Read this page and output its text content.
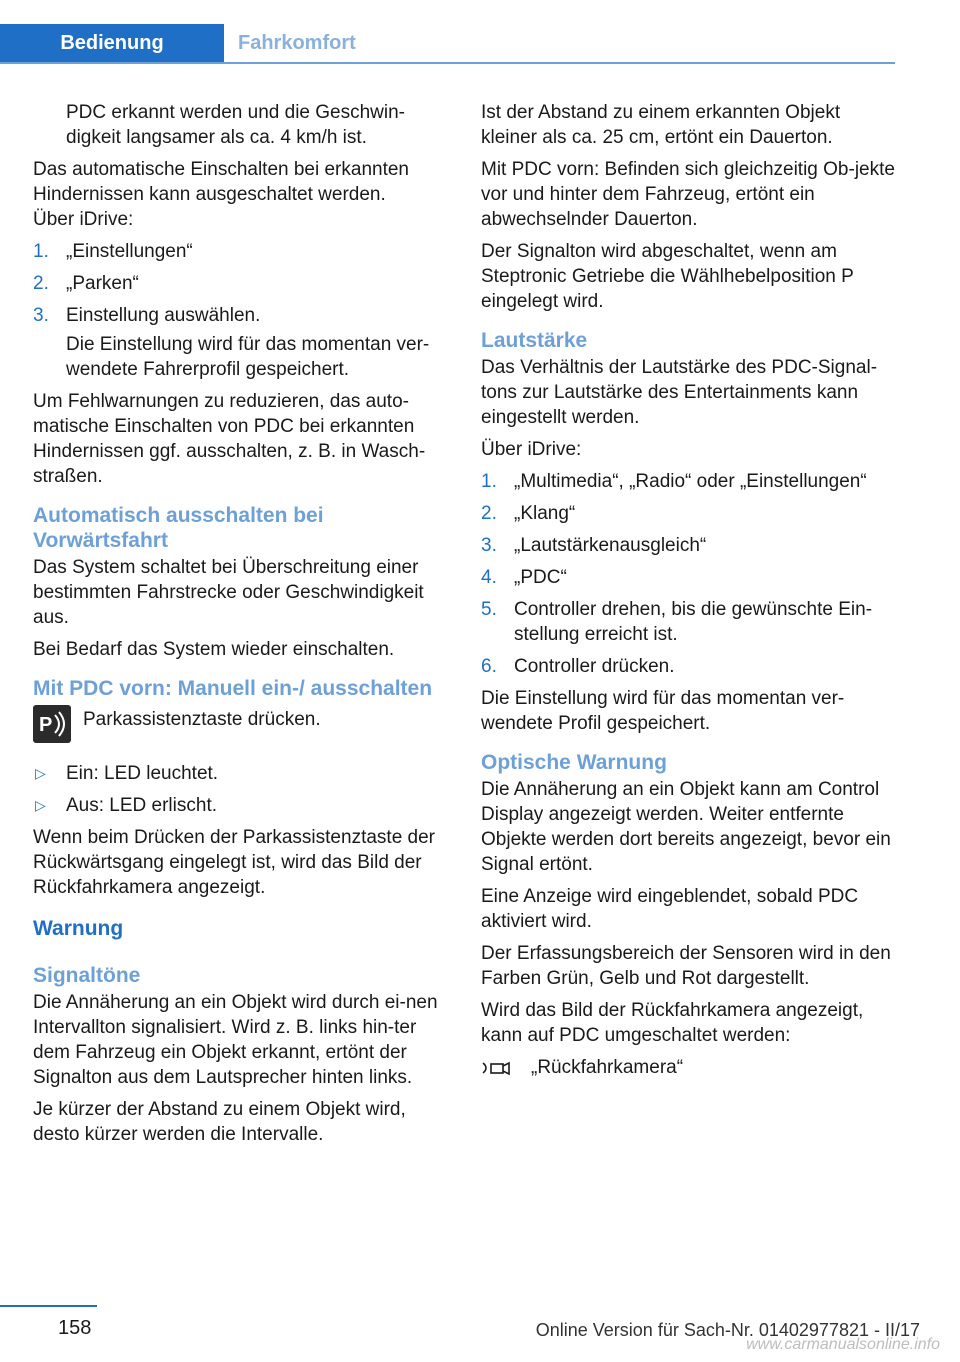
Bedienung	Fahrkomfort

PDC erkannt werden und die Geschwin-digkeit langsamer als ca. 4 km/h ist.

Das automatische Einschalten bei erkannten Hindernissen kann ausgeschaltet werden.
Über iDrive:

1. „Einstellungen“
2. „Parken“
3. Einstellung auswählen.
Die Einstellung wird für das momentan ver-wendete Fahrerprofil gespeichert.

Um Fehlwarnungen zu reduzieren, das auto-matische Einschalten von PDC bei erkannten Hindernissen ggf. ausschalten, z. B. in Wasch-straßen.

Automatisch ausschalten bei Vorwärtsfahrt

Das System schaltet bei Überschreitung einer bestimmten Fahrstrecke oder Geschwindigkeit aus.

Bei Bedarf das System wieder einschalten.

Mit PDC vorn: Manuell ein-/ ausschalten
P Parkassistenztaste drücken.
▷ Ein: LED leuchtet.
▷ Aus: LED erlischt.

Wenn beim Drücken der Parkassistenztaste der Rückwärtsgang eingelegt ist, wird das Bild der Rückfahrkamera angezeigt.

Warnung
Signaltöne

Die Annäherung an ein Objekt wird durch ei-nen Intervallton signalisiert. Wird z. B. links hin-ter dem Fahrzeug ein Objekt erkannt, ertönt der Signalton aus dem Lautsprecher hinten links.

Je kürzer der Abstand zu einem Objekt wird, desto kürzer werden die Intervalle.

Ist der Abstand zu einem erkannten Objekt kleiner als ca. 25 cm, ertönt ein Dauerton.

Mit PDC vorn: Befinden sich gleichzeitig Ob-jekte vor und hinter dem Fahrzeug, ertönt ein abwechselnder Dauerton.

Der Signalton wird abgeschaltet, wenn am Steptronic Getriebe die Wählhebelposition P eingelegt wird.

Lautstärke

Das Verhältnis der Lautstärke des PDC-Signal-tons zur Lautstärke des Entertainments kann eingestellt werden.

Über iDrive:

1. „Multimedia“, „Radio“ oder „Einstellungen“
2. „Klang“
3. „Lautstärkenausgleich“
4. „PDC“
5. Controller drehen, bis die gewünschte Ein-stellung erreicht ist.
6. Controller drücken.

Die Einstellung wird für das momentan ver-wendete Profil gespeichert.

Optische Warnung

Die Annäherung an ein Objekt kann am Control Display angezeigt werden. Weiter entfernte Objekte werden dort bereits angezeigt, bevor ein Signal ertönt.

Eine Anzeige wird eingeblendet, sobald PDC aktiviert wird.

Der Erfassungsbereich der Sensoren wird in den Farben Grün, Gelb und Rot dargestellt.

Wird das Bild der Rückfahrkamera angezeigt, kann auf PDC umgeschaltet werden:

„Rückfahrkamera“
158	Online Version für Sach-Nr. 01402977821 - II/17
www.carmanualsonline.info
